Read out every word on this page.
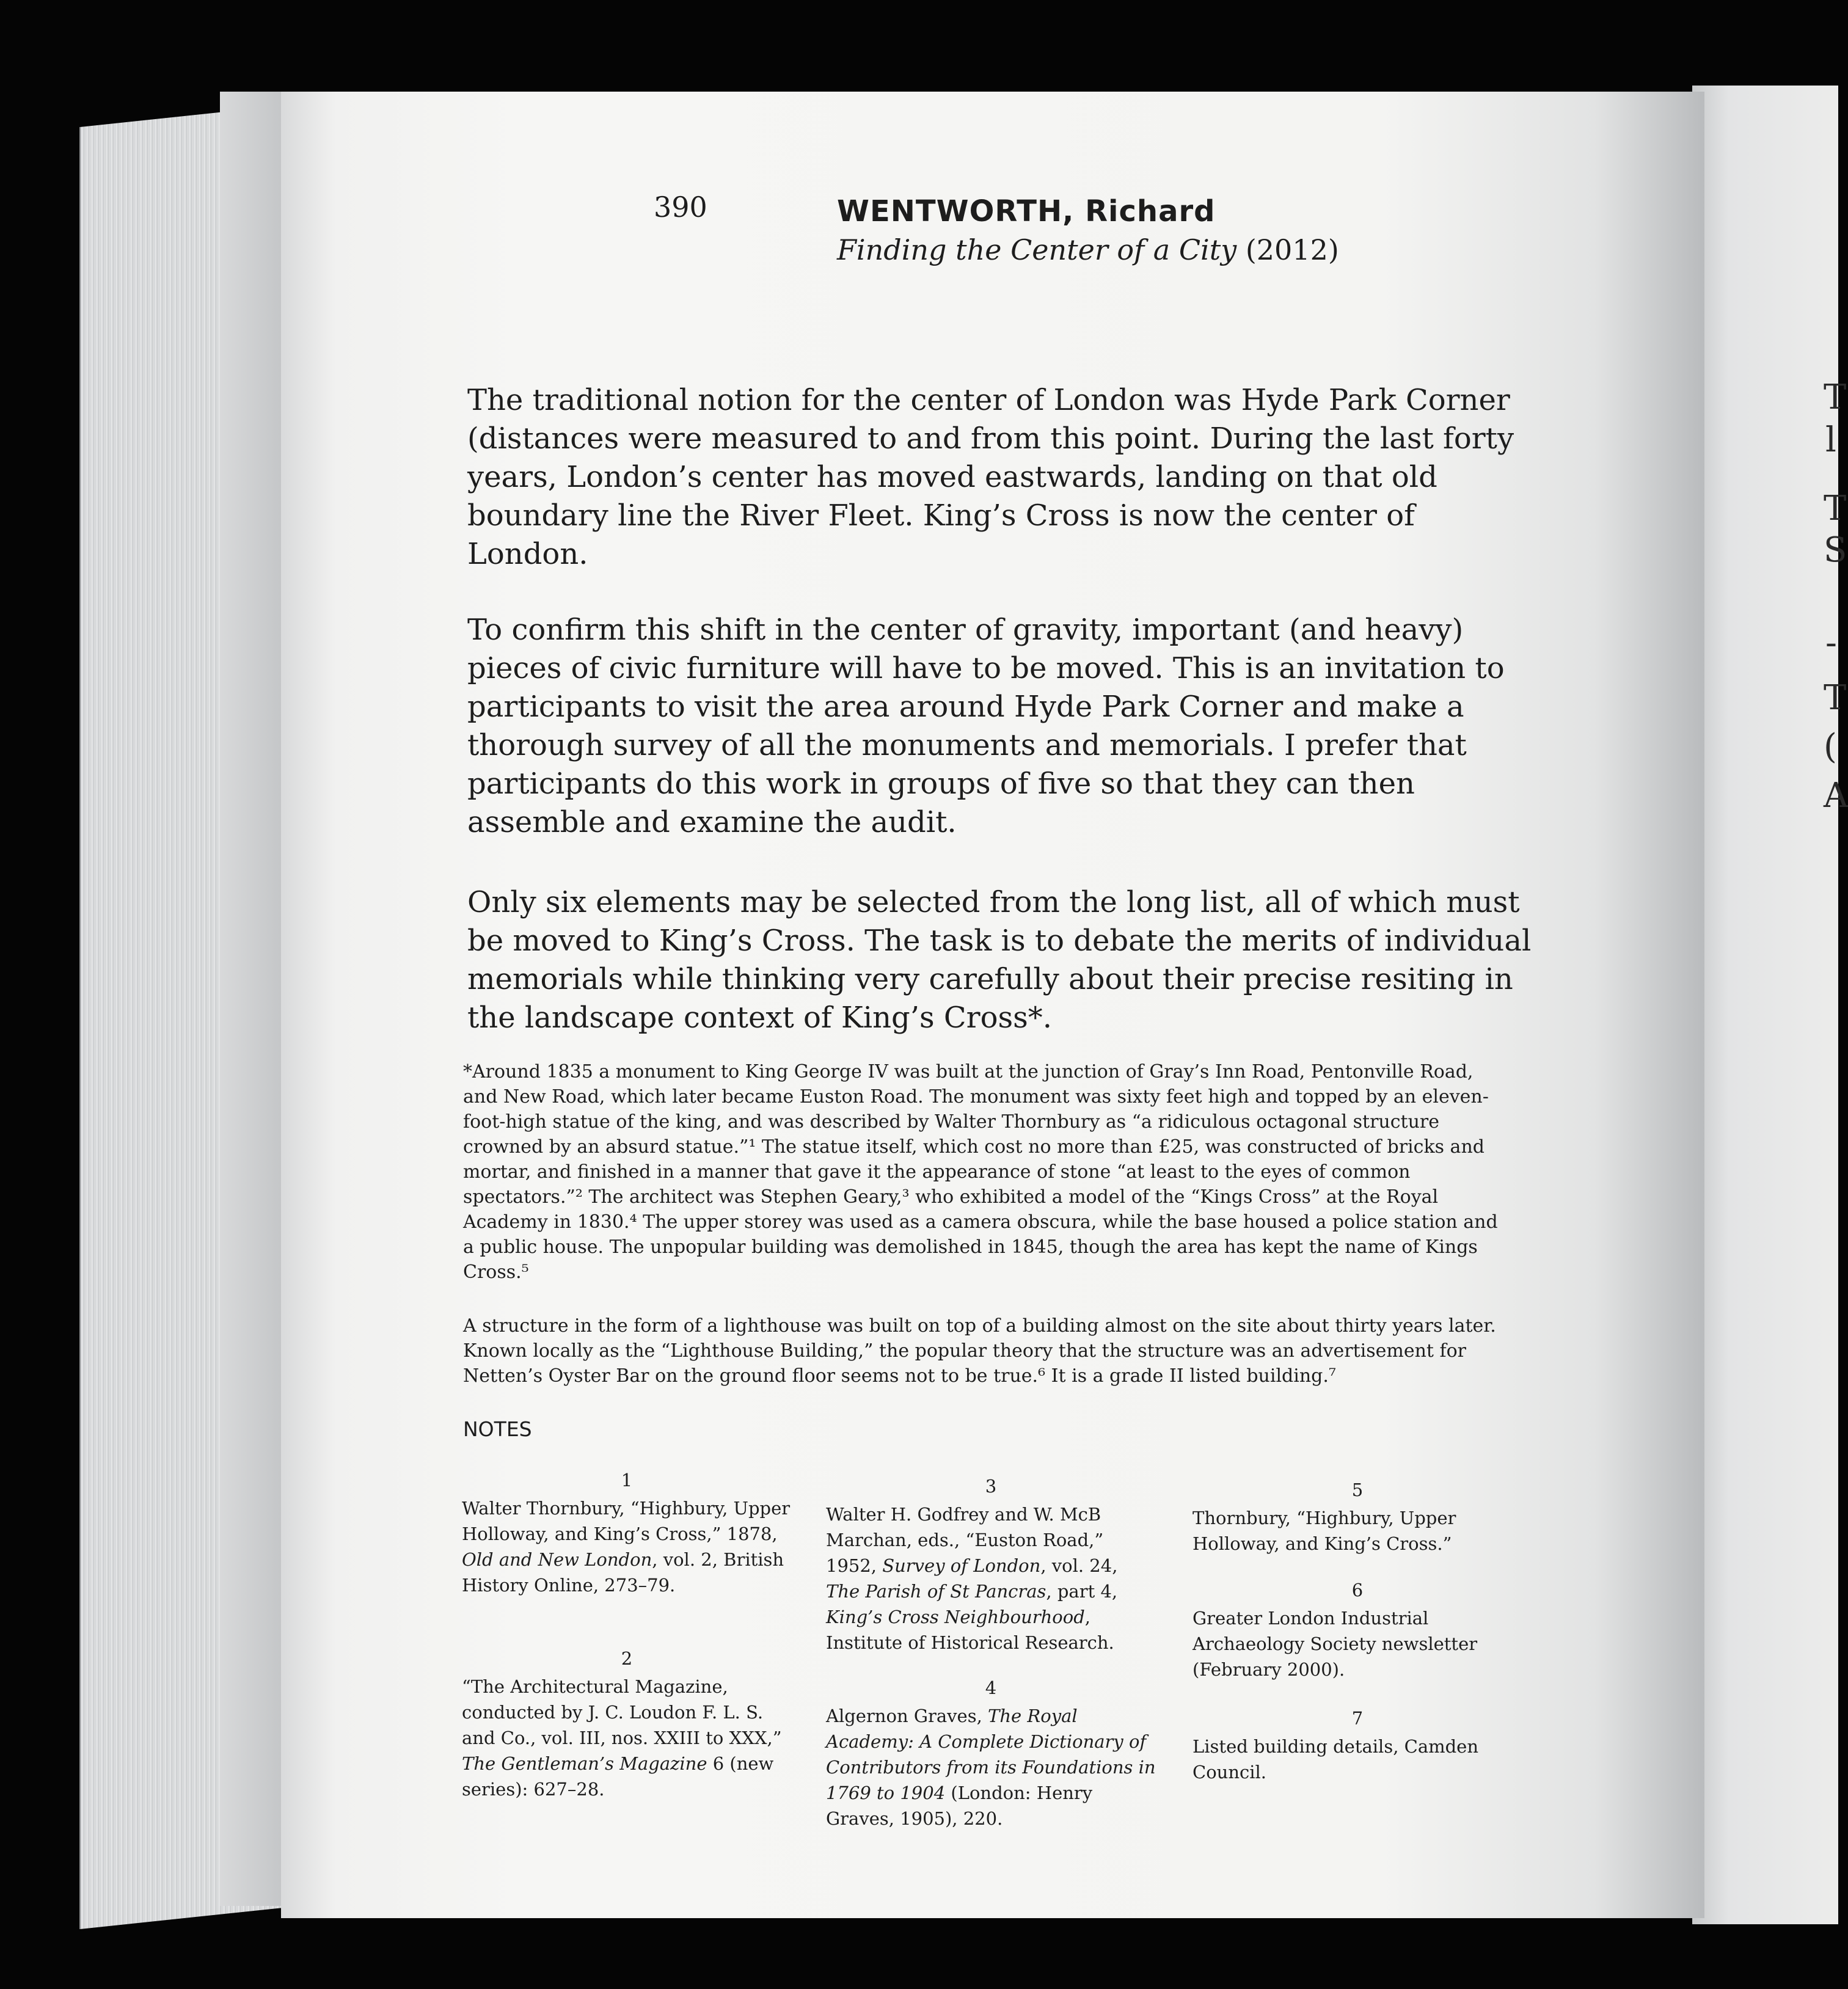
T
l
T
S
-
T
(
A
390	WENTWORTH, Richard
Finding the Center of a City (2012)
The traditional notion for the center of London was Hyde Park Corner (distances were measured to and from this point. During the last forty years, London’s center has moved eastwards, landing on that old boundary line the River Fleet. King’s Cross is now the center of London.
To confirm this shift in the center of gravity, important (and heavy) pieces of civic furniture will have to be moved. This is an invitation to participants to visit the area around Hyde Park Corner and make a thorough survey of all the monuments and memorials. I prefer that participants do this work in groups of five so that they can then assemble and examine the audit.
Only six elements may be selected from the long list, all of which must be moved to King’s Cross. The task is to debate the merits of individual memorials while thinking very carefully about their precise resiting in the landscape context of King’s Cross*.
*Around 1835 a monument to King George IV was built at the junction of Gray’s Inn Road, Pentonville Road, and New Road, which later became Euston Road. The monument was sixty feet high and topped by an eleven-foot-high statue of the king, and was described by Walter Thornbury as “a ridiculous octagonal structure crowned by an absurd statue.”¹ The statue itself, which cost no more than £25, was constructed of bricks and mortar, and finished in a manner that gave it the appearance of stone “at least to the eyes of common spectators.”² The architect was Stephen Geary,³ who exhibited a model of the “Kings Cross” at the Royal Academy in 1830.⁴ The upper storey was used as a camera obscura, while the base housed a police station and a public house. The unpopular building was demolished in 1845, though the area has kept the name of Kings Cross.⁵
A structure in the form of a lighthouse was built on top of a building almost on the site about thirty years later. Known locally as the “Lighthouse Building,” the popular theory that the structure was an advertisement for Netten’s Oyster Bar on the ground floor seems not to be true.⁶ It is a grade II listed building.⁷
NOTES
1
Walter Thornbury, “Highbury, Upper Holloway, and King’s Cross,” 1878, Old and New London, vol. 2, British History Online, 273–79.
2
“The Architectural Magazine, conducted by J. C. Loudon F. L. S. and Co., vol. III, nos. XXIII to XXX,” The Gentleman’s Magazine 6 (new series): 627–28.
3
Walter H. Godfrey and W. McB Marchan, eds., “Euston Road,” 1952, Survey of London, vol. 24, The Parish of St Pancras, part 4, King’s Cross Neighbourhood, Institute of Historical Research.
4
Algernon Graves, The Royal Academy: A Complete Dictionary of Contributors from its Foundations in 1769 to 1904 (London: Henry Graves, 1905), 220.
5
Thornbury, “Highbury, Upper Holloway, and King’s Cross.”
6
Greater London Industrial Archaeology Society newsletter (February 2000).
7
Listed building details, Camden Council.
